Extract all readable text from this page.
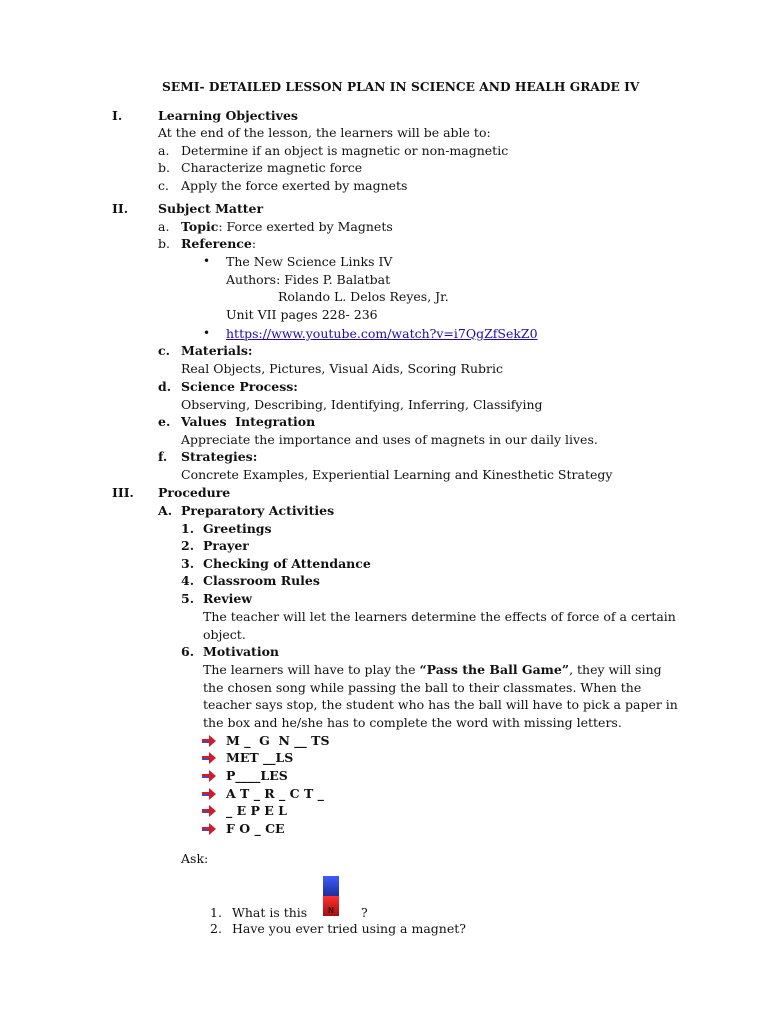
SEMI- DETAILED LESSON PLAN IN SCIENCE AND HEALH GRADE IV
I.	Learning Objectives
At the end of the lesson, the learners will be able to:
a. Determine if an object is magnetic or non-magnetic
b. Characterize magnetic force
c. Apply the force exerted by magnets
II. Subject Matter
a. Topic: Force exerted by Magnets
b. Reference:
• The New Science Links IV
Authors: Fides P. Balatbat
Rolando L. Delos Reyes, Jr.
Unit VII pages 228- 236
• https://www.youtube.com/watch?v=i7QgZfSekZ0
c. Materials:
Real Objects, Pictures, Visual Aids, Scoring Rubric
d. Science Process:
Observing, Describing, Identifying, Inferring, Classifying
e. Values  Integration
Appreciate the importance and uses of magnets in our daily lives.
f. Strategies:
Concrete Examples, Experiential Learning and Kinesthetic Strategy
III. Procedure
A. Preparatory Activities
1. Greetings
2. Prayer
3. Checking of Attendance
4. Classroom Rules
5. Review
The teacher will let the learners determine the effects of force of a certain
object.
6. Motivation
The learners will have to play the “Pass the Ball Game”, they will sing
the chosen song while passing the ball to their classmates. When the
teacher says stop, the student who has the ball will have to pick a paper in
the box and he/she has to complete the word with missing letters.
M _  G  N __ TS
MET __LS
P____LES
A T _ R _ C T _
_ E P E L
F O _ CE
Ask:
1. What is this	N ?
2. Have you ever tried using a magnet?
